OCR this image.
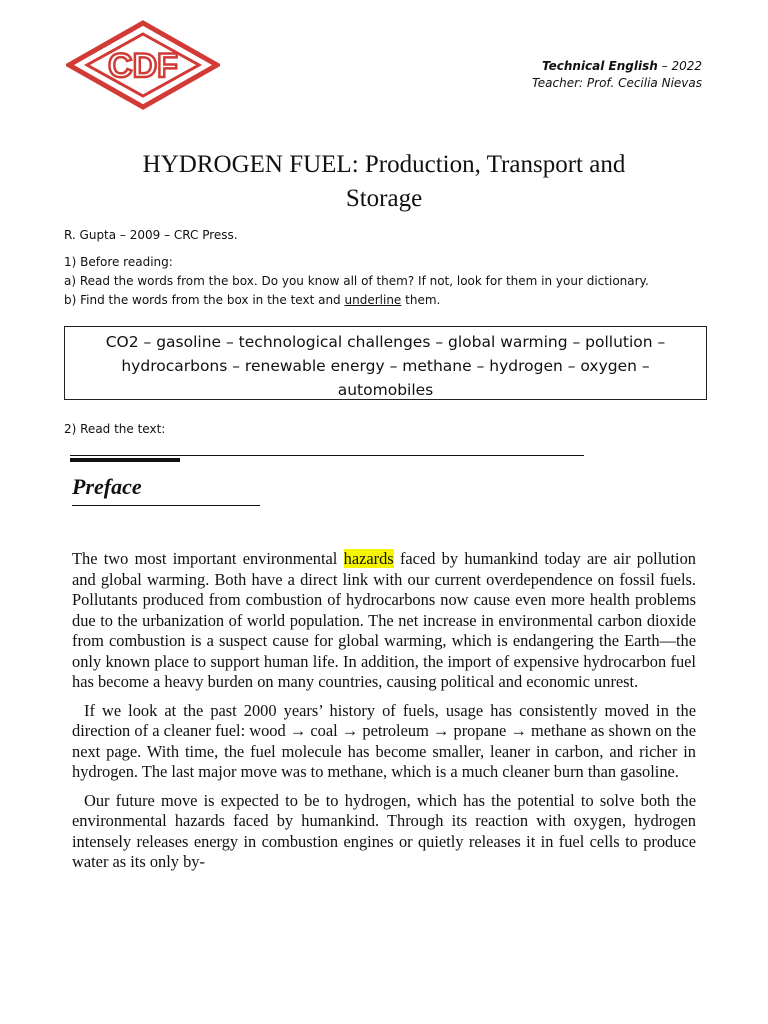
CDF	Technical English – 2022
Teacher: Prof. Cecilia Nievas
HYDROGEN FUEL: Production, Transport and
Storage
R. Gupta – 2009 – CRC Press.
1) Before reading:
a) Read the words from the box. Do you know all of them? If not, look for them in your dictionary.
b) Find the words from the box in the text and underline them.
CO2 – gasoline – technological challenges – global warming – pollution –
hydrocarbons – renewable energy – methane – hydrogen – oxygen –
automobiles
2) Read the text:
Preface

The two most important environmental hazards faced by humankind today are air pollution and global warming. Both have a direct link with our current overdependence on fossil fuels. Pollutants produced from combustion of hydrocarbons now cause even more health problems due to the urbanization of world population. The net increase in environmental carbon dioxide from combustion is a suspect cause for global warming, which is endangering the Earth—the only known place to support human life. In addition, the import of expensive hydrocarbon fuel has become a heavy burden on many countries, causing political and economic unrest.

If we look at the past 2000 years’ history of fuels, usage has consistently moved in the direction of a cleaner fuel: wood → coal → petroleum → propane → methane as shown on the next page. With time, the fuel molecule has become smaller, leaner in carbon, and richer in hydrogen. The last major move was to methane, which is a much cleaner burn than gasoline.

Our future move is expected to be to hydrogen, which has the potential to solve both the environmental hazards faced by humankind. Through its reaction with oxygen, hydrogen intensely releases energy in combustion engines or quietly releases it in fuel cells to produce water as its only by-
